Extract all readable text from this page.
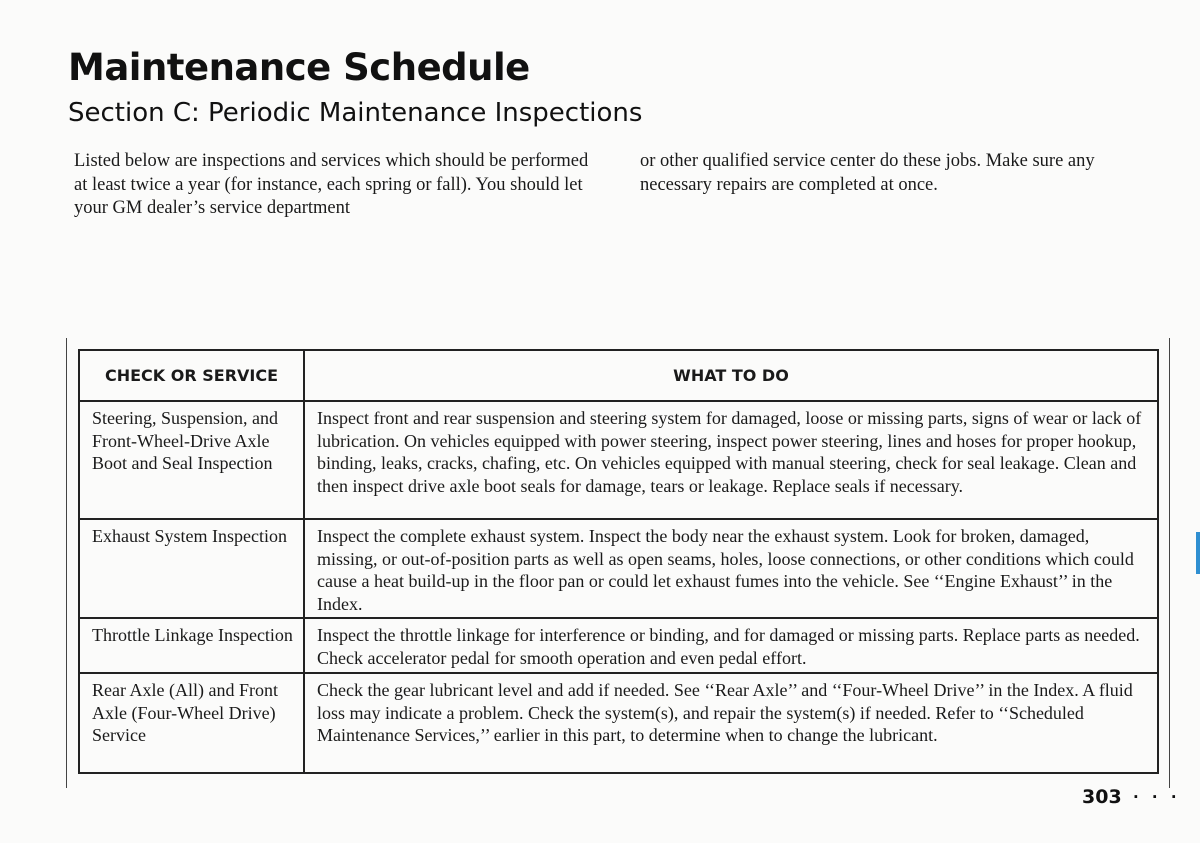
Maintenance Schedule
Section C: Periodic Maintenance Inspections

Listed below are inspections and services which should be performed at least twice a year (for instance, each spring or fall). You should let your GM dealer’s service department

or other qualified service center do these jobs. Make sure any necessary repairs are completed at once.

CHECK OR SERVICE	WHAT TO DO
Steering, Suspension, and Front-Wheel-Drive Axle Boot and Seal Inspection	Inspect front and rear suspension and steering system for damaged, loose or missing parts, signs of wear or lack of lubrication. On vehicles equipped with power steering, inspect power steering, lines and hoses for proper hookup, binding, leaks, cracks, chafing, etc. On vehicles equipped with manual steering, check for seal leakage. Clean and then inspect drive axle boot seals for damage, tears or leakage. Replace seals if necessary.
Exhaust System Inspection	Inspect the complete exhaust system. Inspect the body near the exhaust system. Look for broken, damaged, missing, or out-of-position parts as well as open seams, holes, loose connections, or other conditions which could cause a heat build-up in the floor pan or could let exhaust fumes into the vehicle. See ‘‘Engine Exhaust’’ in the Index.
Throttle Linkage Inspection	Inspect the throttle linkage for interference or binding, and for damaged or missing parts. Replace parts as needed. Check accelerator pedal for smooth operation and even pedal effort.
Rear Axle (All) and Front Axle (Four-Wheel Drive) Service	Check the gear lubricant level and add if needed. See ‘‘Rear Axle’’ and ‘‘Four-Wheel Drive’’ in the Index. A fluid loss may indicate a problem. Check the system(s), and repair the system(s) if needed. Refer to ‘‘Scheduled Maintenance Services,’’ earlier in this part, to determine when to change the lubricant.
303 · · ·
